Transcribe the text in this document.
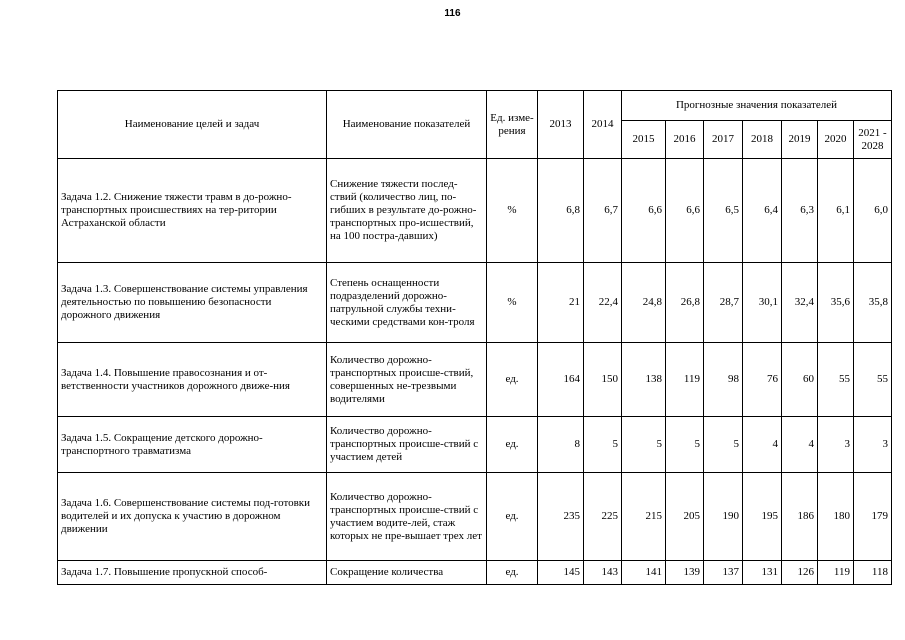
116
Наименование целей и задач	Наименование показателей	Ед. изме-рения	2013	2014	Прогнозные значения показателей						
					2015	2016	2017	2018	2019	2020	2021 - 2028
Задача 1.2. Снижение тяжести травм в до-рожно-транспортных происшествиях на тер-ритории Астраханской области	Снижение тяжести послед-ствий (количество лиц, по-гибших в результате до-рожно-транспортных про-исшествий, на 100 постра-давших)	%	6,8	6,7	6,6	6,6	6,5	6,4	6,3	6,1	6,0
Задача 1.3. Совершенствование системы управления деятельностью по повышению безопасности дорожного движения	Степень оснащенности подразделений дорожно-патрульной службы техни-ческими средствами кон-троля	%	21	22,4	24,8	26,8	28,7	30,1	32,4	35,6	35,8
Задача 1.4. Повышение правосознания и от-ветственности участников дорожного движе-ния	Количество дорожно-транспортных происше-ствий, совершенных не-трезвыми водителями	ед.	164	150	138	119	98	76	60	55	55
Задача 1.5. Сокращение детского дорожно-транспортного травматизма	Количество дорожно-транспортных происше-ствий с участием детей	ед.	8	5	5	5	5	4	4	3	3
Задача 1.6. Совершенствование системы под-готовки водителей и их допуска к участию в дорожном движении	Количество дорожно-транспортных происше-ствий с участием водите-лей, стаж которых не пре-вышает трех лет	ед.	235	225	215	205	190	195	186	180	179
Задача 1.7. Повышение пропускной способ-	Сокращение количества	ед.	145	143	141	139	137	131	126	119	118
